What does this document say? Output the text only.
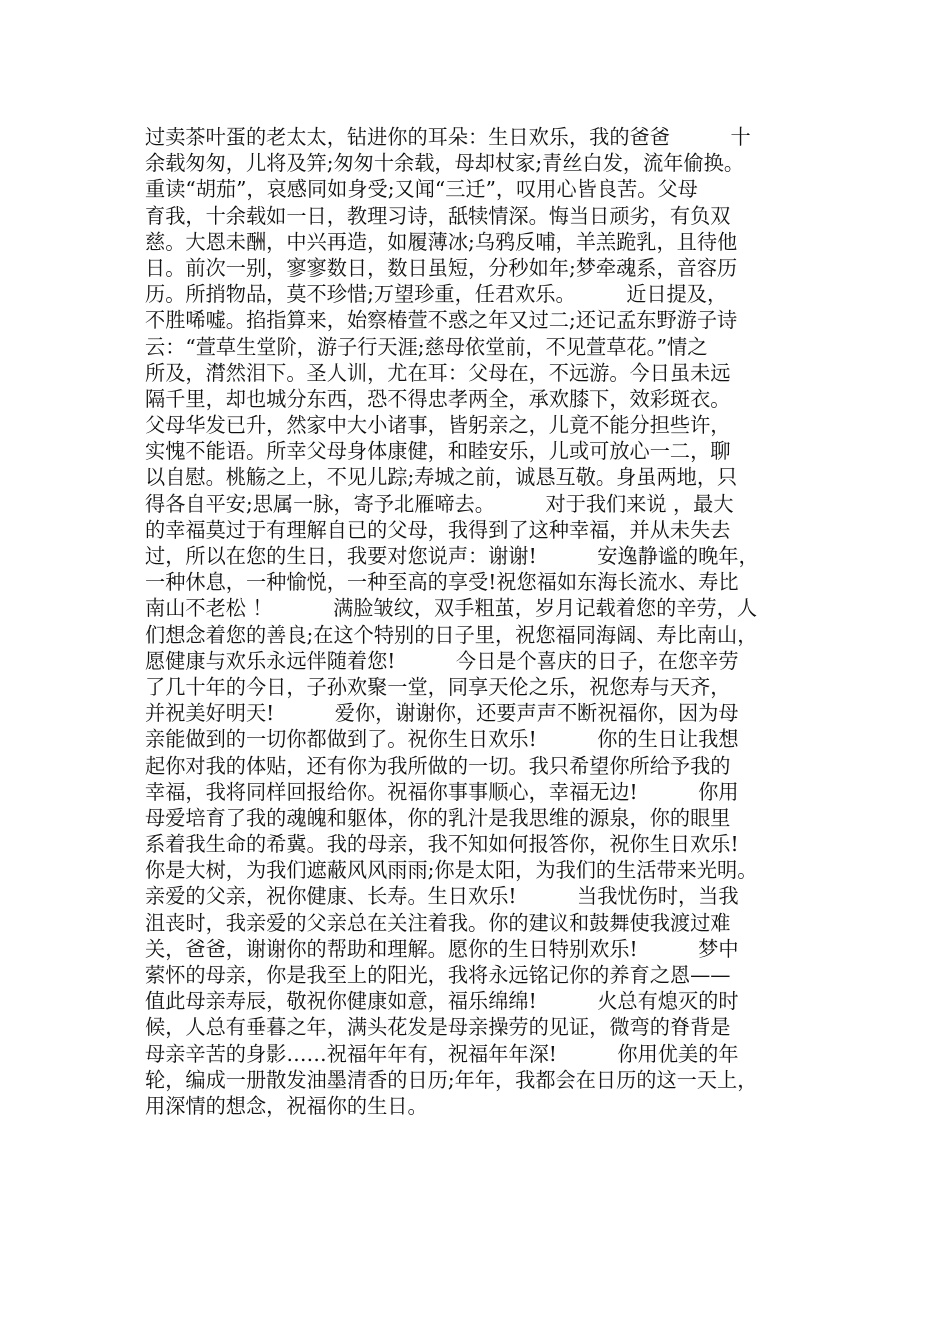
过卖茶叶蛋的老太太，钻进你的耳朵：生日欢乐，我的爸爸　　　十
余载匆匆，儿将及笄;匆匆十余载，母却杖家;青丝白发，流年偷换。
重读“胡茄”，哀感同如身受;又闻“三迁”，叹用心皆良苦。父母
育我，十余载如一日，教理习诗，舐犊情深。悔当日顽劣，有负双
慈。大恩未酬，中兴再造，如履薄冰;乌鸦反哺，羊羔跪乳，且待他
日。前次一别，寥寥数日，数日虽短，分秒如年;梦牵魂系，音容历
历。所捎物品，莫不珍惜;万望珍重，任君欢乐。　　　近日提及，
不胜唏嘘。掐指算来，始察椿萱不惑之年又过二;还记孟东野游子诗
云：“萱草生堂阶，游子行天涯;慈母依堂前，不见萱草花。”情之
所及，潸然泪下。圣人训，尤在耳：父母在，不远游。今日虽未远
隔千里，却也城分东西，恐不得忠孝两全，承欢膝下，效彩斑衣。
父母华发已升，然家中大小诸事，皆躬亲之，儿竟不能分担些许，
实愧不能语。所幸父母身体康健，和睦安乐，儿或可放心一二，聊
以自慰。桃觞之上，不见儿踪;寿城之前，诚恳互敬。身虽两地，只
得各自平安;思属一脉，寄予北雁啼去。　　　对于我们来说 ，最大
的幸福莫过于有理解自已的父母，我得到了这种幸福，并从未失去
过，所以在您的生日，我要对您说声：谢谢!　　　安逸静谧的晚年，
一种休息，一种愉悦，一种至高的享受!祝您福如东海长流水、寿比
南山不老松 ！　　　满脸皱纹，双手粗茧，岁月记载着您的辛劳，人
们想念着您的善良;在这个特别的日子里，祝您福同海阔、寿比南山，
愿健康与欢乐永远伴随着您!　　　今日是个喜庆的日子，在您辛劳
了几十年的今日，子孙欢聚一堂，同享天伦之乐，祝您寿与天齐，
并祝美好明天!　　　爱你，谢谢你，还要声声不断祝福你，因为母
亲能做到的一切你都做到了。祝你生日欢乐!　　　你的生日让我想
起你对我的体贴，还有你为我所做的一切。我只希望你所给予我的
幸福，我将同样回报给你。祝福你事事顺心，幸福无边!　　　你用
母爱培育了我的魂魄和躯体，你的乳汁是我思维的源泉，你的眼里
系着我生命的希冀。我的母亲，我不知如何报答你，祝你生日欢乐!
你是大树，为我们遮蔽风风雨雨;你是太阳，为我们的生活带来光明。
亲爱的父亲，祝你健康、长寿。生日欢乐!　　　当我忧伤时，当我
沮丧时，我亲爱的父亲总在关注着我。你的建议和鼓舞使我渡过难
关，爸爸，谢谢你的帮助和理解。愿你的生日特别欢乐!　　　梦中
萦怀的母亲，你是我至上的阳光，我将永远铭记你的养育之恩——
值此母亲寿辰，敬祝你健康如意，福乐绵绵!　　　火总有熄灭的时
候，人总有垂暮之年，满头花发是母亲操劳的见证，微弯的脊背是
母亲辛苦的身影……祝福年年有，祝福年年深!　　　你用优美的年
轮，编成一册散发油墨清香的日历;年年，我都会在日历的这一天上，
用深情的想念，祝福你的生日。
